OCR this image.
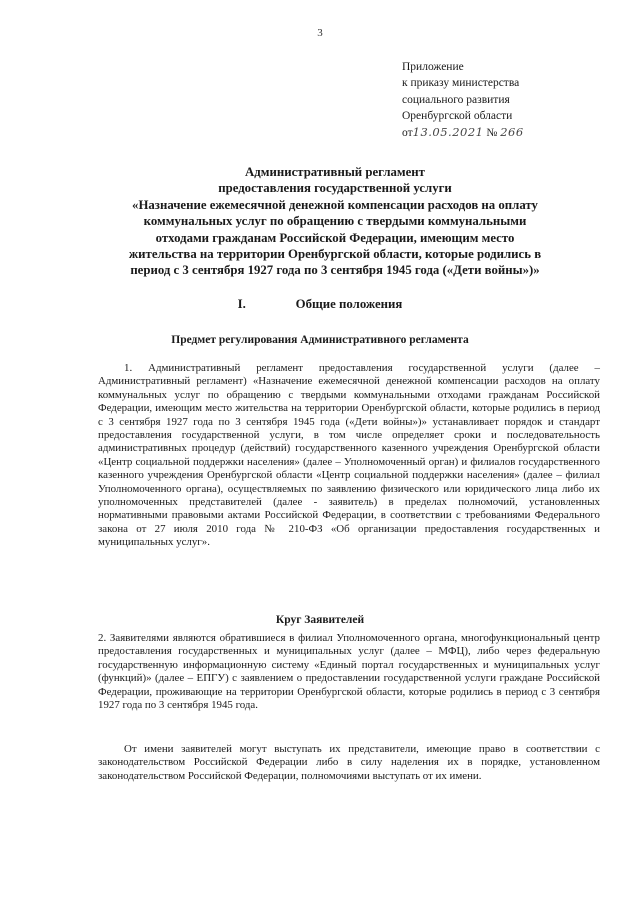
3
Приложение
к приказу министерства
социального развития
Оренбургской области
от13.05.2021 № 266
Административный регламент
предоставления государственной услуги
«Назначение ежемесячной денежной компенсации расходов на оплату
коммунальных услуг по обращению с твердыми коммунальными
отходами гражданам Российской Федерации, имеющим место
жительства на территории Оренбургской области, которые родились в
период с 3 сентября 1927 года по 3 сентября 1945 года («Дети войны»)»
I.	Общие положения
Предмет регулирования Административного регламента
1. Административный регламент предоставления государственной услуги (далее – Административный регламент) «Назначение ежемесячной денежной компенсации расходов на оплату коммунальных услуг по обращению с твердыми коммунальными отходами гражданам Российской Федерации, имеющим место жительства на территории Оренбургской области, которые родились в период с 3 сентября 1927 года по 3 сентября 1945 года («Дети войны»)» устанавливает порядок и стандарт предоставления государственной услуги, в том числе определяет сроки и последовательность административных процедур (действий) государственного казенного учреждения Оренбургской области «Центр социальной поддержки населения» (далее – Уполномоченный орган) и филиалов государственного казенного учреждения Оренбургской области «Центр социальной поддержки населения» (далее – филиал Уполномоченного органа), осуществляемых по заявлению физического или юридического лица либо их уполномоченных представителей (далее - заявитель) в пределах полномочий, установленных нормативными правовыми актами Российской Федерации, в соответствии с требованиями Федерального закона от 27 июля 2010 года № 210-ФЗ «Об организации предоставления государственных и муниципальных услуг».
Круг Заявителей
2. Заявителями являются обратившиеся в филиал Уполномоченного органа, многофункциональный центр предоставления государственных и муниципальных услуг (далее – МФЦ), либо через федеральную государственную информационную систему «Единый портал государственных и муниципальных услуг (функций)» (далее – ЕПГУ) с заявлением о предоставлении государственной услуги граждане Российской Федерации, проживающие на территории Оренбургской области, которые родились в период с 3 сентября 1927 года по 3 сентября 1945 года.
От имени заявителей могут выступать их представители, имеющие право в соответствии с законодательством Российской Федерации либо в силу наделения их в порядке, установленном законодательством Российской Федерации, полномочиями выступать от их имени.
